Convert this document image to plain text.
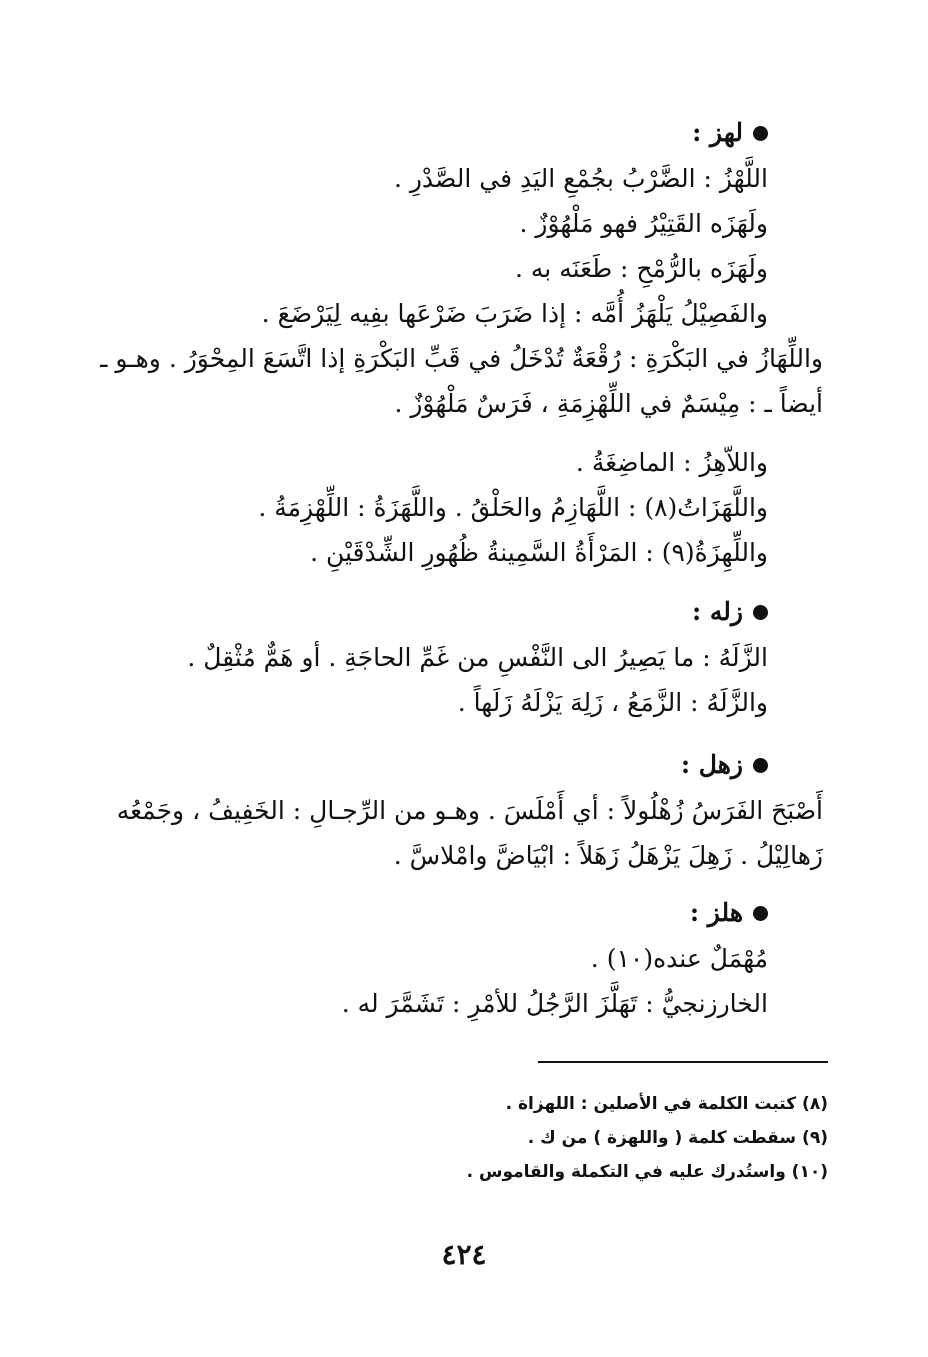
لهز :
اللَّهْزُ : الضَّرْبُ بجُمْعِ اليَدِ في الصَّدْرِ .
ولَهَزَه القَتِيْرُ فهو مَلْهُوْزٌ .
ولَهَزَه بالرُّمْحِ : طَعَنَه به .
والفَصِيْلُ يَلْهَزُ أُمَّه : إذا ضَرَبَ ضَرْعَها بفِيه لِيَرْضَعَ .
واللِّهَازُ في البَكْرَةِ : رُقْعَةٌ تُدْخَلُ في قَبِّ البَكْرَةِ إذا اتَّسَعَ المِحْوَرُ . وهـو ـ
أيضاً ـ : مِيْسَمٌ في اللِّهْزِمَةِ ، فَرَسٌ مَلْهُوْزٌ .
واللاّهِزُ : الماضِغَةُ .
واللَّهَزَاتُ(٨) : اللَّهَازِمُ والحَلْقُ . واللَّهَزَةُ : اللِّهْزِمَةُ .
واللِّهِزَةُ(٩) : المَرْأَةُ السَّمِينةُ ظُهُورِ الشِّدْقَيْنِ .
زله :
الزَّلَهُ : ما يَصِيرُ الى النَّفْسِ من غَمِّ الحاجَةِ . أو هَمٌّ مُثْقِلٌ .
والزَّلَهُ : الزَّمَعُ ، زَلِهَ يَزْلَهُ زَلَهاً .
زهل :
أَصْبَحَ الفَرَسُ زُهْلُولاً : أي أَمْلَسَ . وهـو من الرِّجـالِ : الخَفِيفُ ، وجَمْعُه
زَهالِيْلُ . زَهِلَ يَزْهَلُ زَهَلاً : ابْيَاضَّ وامْلاسَّ .
هلز :
مُهْمَلٌ عنده(١٠) .
الخارزنجيُّ : تَهَلَّزَ الرَّجُلُ للأمْرِ : تَشَمَّرَ له .
(٨) كتبت الكلمة في الأصلين : اللهزاة .
(٩) سقطت كلمة ( واللهزة ) من ك .
(١٠) واستُدرك عليه في التكملة والقاموس .
٤٢٤
